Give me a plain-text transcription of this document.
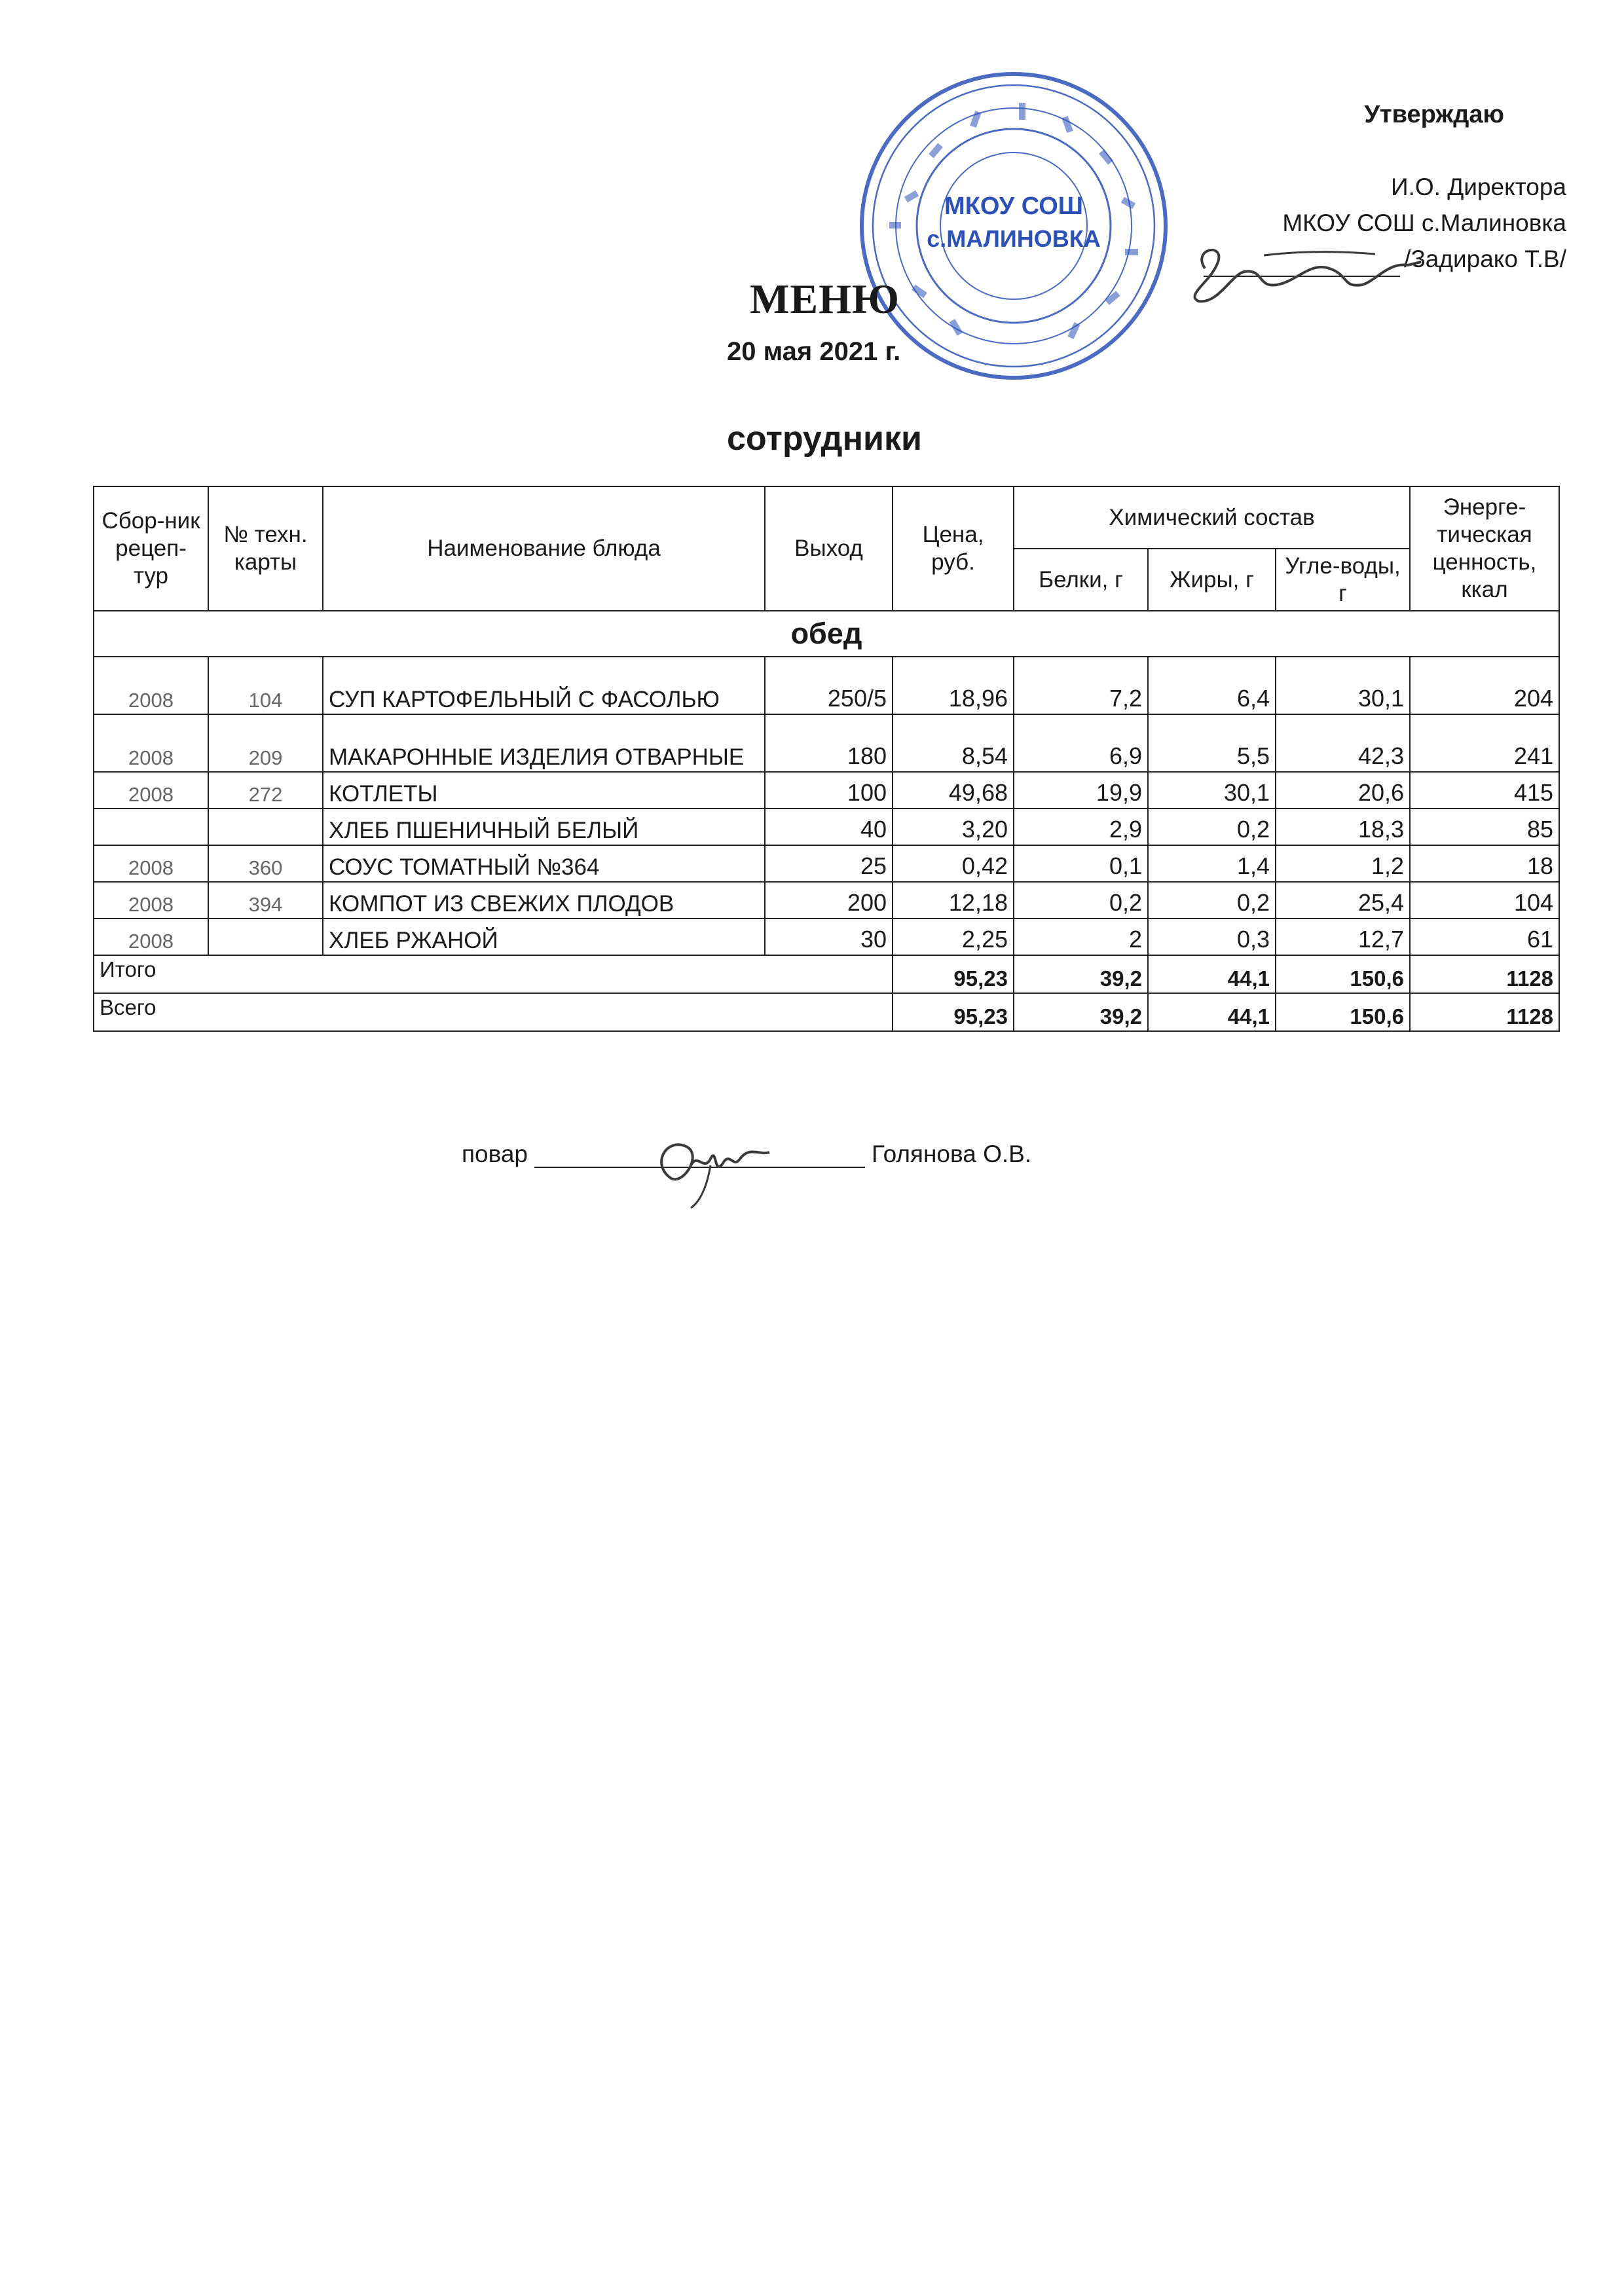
Утверждаю
И.О. Директора
МКОУ СОШ с.Малиновка
/Задирако Т.В/
МКОУ СОШ
с.МАЛИНОВКА
МЕНЮ
20 мая 2021 г.
сотрудники
Сбор-ник рецеп-тур	№ техн. карты	Наименование блюда	Выход	Цена, руб.	Химический состав			Энерге-тическая ценность, ккал
					Белки, г	Жиры, г	Угле-воды, г	
обед								
2008	104	СУП КАРТОФЕЛЬНЫЙ С ФАСОЛЬЮ	250/5	18,96	7,2	6,4	30,1	204
2008	209	МАКАРОННЫЕ ИЗДЕЛИЯ ОТВАРНЫЕ	180	8,54	6,9	5,5	42,3	241
2008	272	КОТЛЕТЫ	100	49,68	19,9	30,1	20,6	415
		ХЛЕБ ПШЕНИЧНЫЙ БЕЛЫЙ	40	3,20	2,9	0,2	18,3	85
2008	360	СОУС ТОМАТНЫЙ №364	25	0,42	0,1	1,4	1,2	18
2008	394	КОМПОТ ИЗ СВЕЖИХ ПЛОДОВ	200	12,18	0,2	0,2	25,4	104
2008		ХЛЕБ РЖАНОЙ	30	2,25	2	0,3	12,7	61
Итого				95,23	39,2	44,1	150,6	1128
Всего				95,23	39,2	44,1	150,6	1128
повар	Голянова О.В.
